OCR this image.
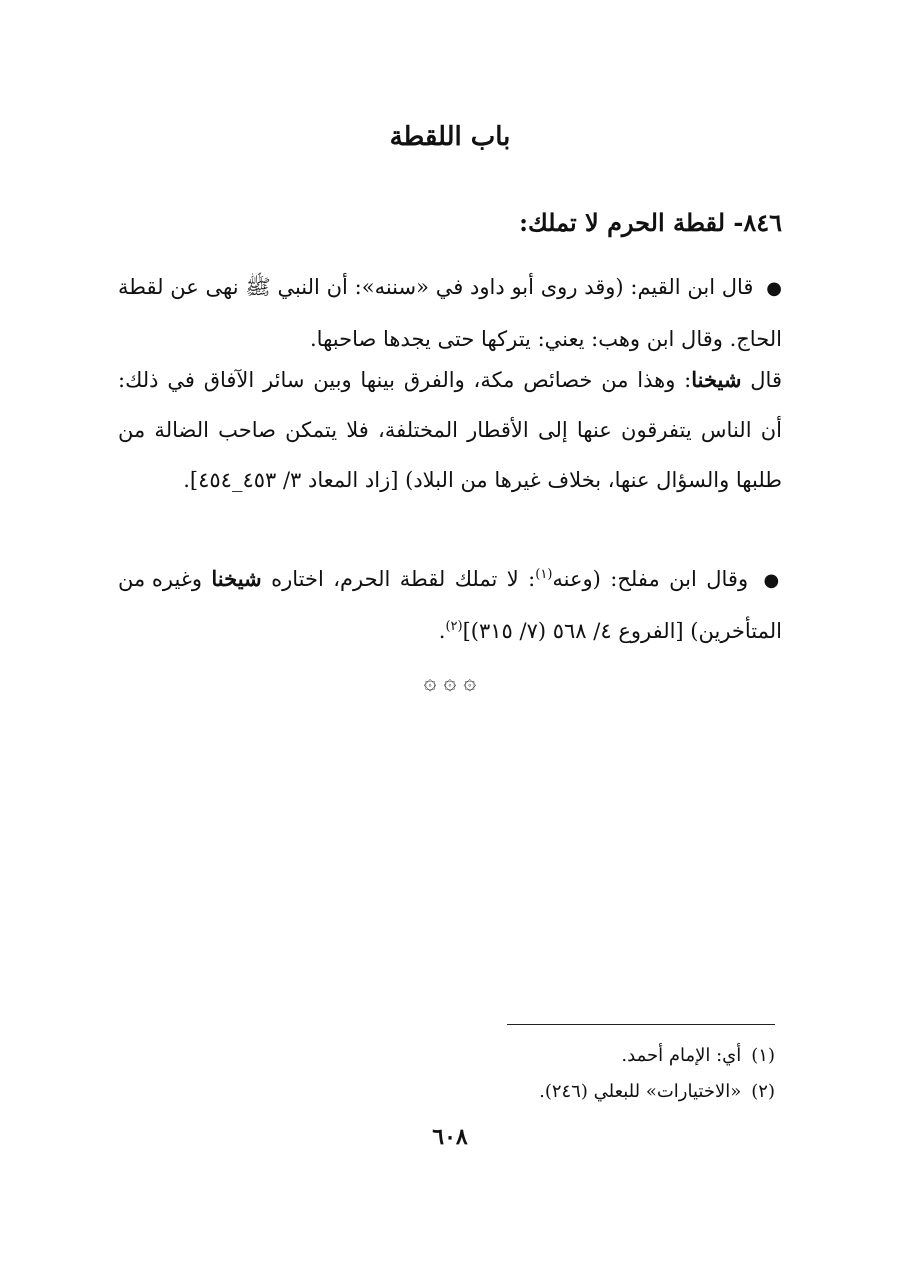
باب اللقطة
٨٤٦- لقطة الحرم لا تملك:

● قال ابن القيم: (وقد روى أبو داود في «سننه»: أن النبي ﷺ نهى عن لقطة الحاج. وقال ابن وهب: يعني: يتركها حتى يجدها صاحبها.

قال شيخنا: وهذا من خصائص مكة، والفرق بينها وبين سائر الآفاق في ذلك: أن الناس يتفرقون عنها إلى الأقطار المختلفة، فلا يتمكن صاحب الضالة من طلبها والسؤال عنها، بخلاف غيرها من البلاد) [زاد المعاد ٣/ ٤٥٣_٤٥٤].

● وقال ابن مفلح: (وعنه$^{(١)}$: لا تملك لقطة الحرم، اختاره شيخنا وغيره من المتأخرين) [الفروع ٤/ ٥٦٨ (٧/ ٣١٥)]$^{(٢)}$.

۞ ۞ ۞

(١)أي: الإمام أحمد.

(٢)«الاختيارات» للبعلي (٢٤٦).

٦٠٨
